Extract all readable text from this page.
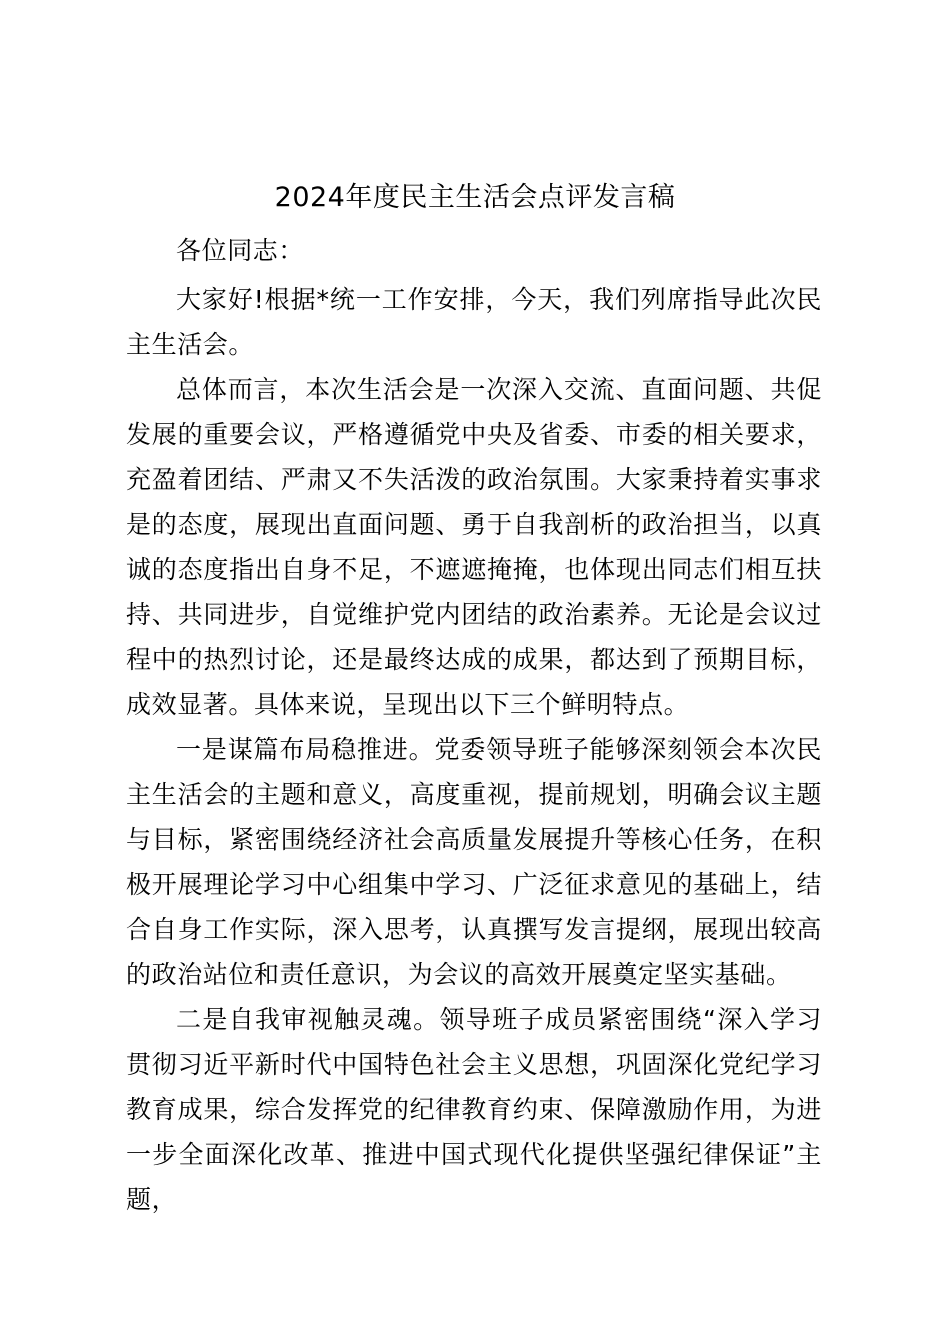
2024年度民主生活会点评发言稿

各位同志：

大家好!根据*统一工作安排，今天，我们列席指导此次民主生活会。

总体而言，本次生活会是一次深入交流、直面问题、共促发展的重要会议，严格遵循党中央及省委、市委的相关要求，充盈着团结、严肃又不失活泼的政治氛围。大家秉持着实事求是的态度，展现出直面问题、勇于自我剖析的政治担当，以真诚的态度指出自身不足，不遮遮掩掩，也体现出同志们相互扶持、共同进步，自觉维护党内团结的政治素养。无论是会议过程中的热烈讨论，还是最终达成的成果，都达到了预期目标，成效显著。具体来说，呈现出以下三个鲜明特点。

一是谋篇布局稳推进。党委领导班子能够深刻领会本次民主生活会的主题和意义，高度重视，提前规划，明确会议主题与目标，紧密围绕经济社会高质量发展提升等核心任务，在积极开展理论学习中心组集中学习、广泛征求意见的基础上，结合自身工作实际，深入思考，认真撰写发言提纲，展现出较高的政治站位和责任意识，为会议的高效开展奠定坚实基础。

二是自我审视触灵魂。领导班子成员紧密围绕“深入学习贯彻习近平新时代中国特色社会主义思想，巩固深化党纪学习教育成果，综合发挥党的纪律教育约束、保障激励作用，为进一步全面深化改革、推进中国式现代化提供坚强纪律保证”主题，
